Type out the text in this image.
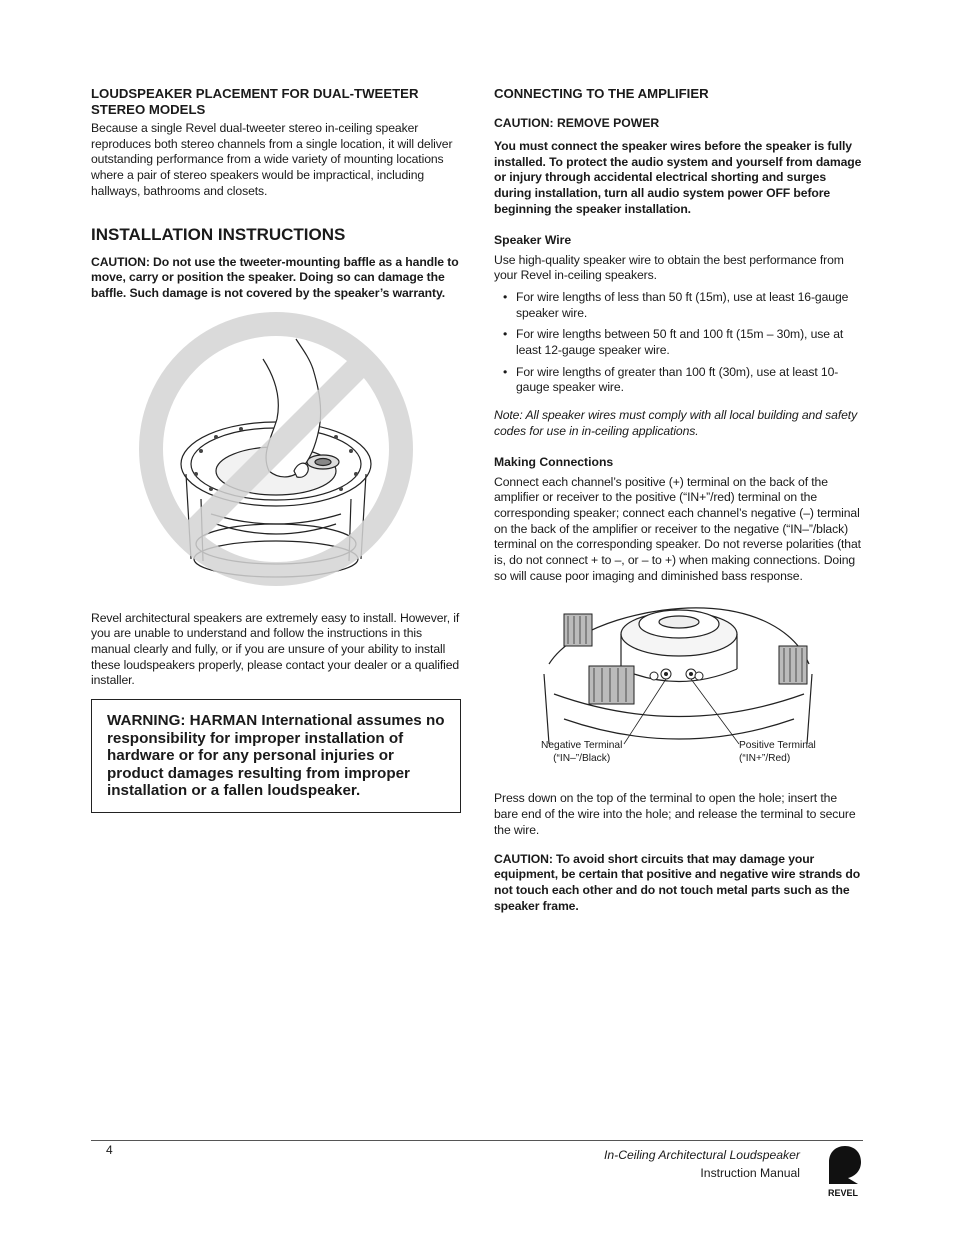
LOUDSPEAKER PLACEMENT FOR DUAL-TWEETER STEREO MODELS

Because a single Revel dual-tweeter stereo in-ceiling speaker reproduces both stereo channels from a single location, it will deliver outstanding performance from a wide variety of mounting locations where a pair of stereo speakers would be impractical, including hallways, bathrooms and closets.

INSTALLATION INSTRUCTIONS

CAUTION: Do not use the tweeter-mounting baffle as a handle to move, carry or position the speaker. Doing so can damage the baffle. Such damage is not covered by the speaker’s warranty.

Revel architectural speakers are extremely easy to install. However, if you are unable to understand and follow the instructions in this manual clearly and fully, or if you are unsure of your ability to install these loudspeakers properly, please contact your dealer or a qualified installer.

WARNING: HARMAN International assumes no responsibility for improper installation of hardware or for any personal injuries or product damages resulting from improper installation or a fallen loudspeaker.

CONNECTING TO THE AMPLIFIER

CAUTION: REMOVE POWER

You must connect the speaker wires before the speaker is fully installed. To protect the audio system and yourself from damage or injury through accidental electrical shorting and surges during installation, turn all audio system power OFF before beginning the speaker installation.

Speaker Wire

Use high-quality speaker wire to obtain the best performance from your Revel in-ceiling speakers.

• For wire lengths of less than 50 ft (15m), use at least 16-gauge speaker wire.
• For wire lengths between 50 ft and 100 ft (15m – 30m), use at least 12-gauge speaker wire.
• For wire lengths of greater than 100 ft (30m), use at least 10-gauge speaker wire.

Note: All speaker wires must comply with all local building and safety codes for use in in-ceiling applications.

Making Connections

Connect each channel’s positive (+) terminal on the back of the amplifier or receiver to the positive (“IN+”/red) terminal on the corresponding speaker; connect each channel’s negative (–) terminal on the back of the amplifier or receiver to the negative (“IN–”/black) terminal on the corresponding speaker. Do not reverse polarities (that is, do not connect + to –, or – to +) when making connections. Doing so will cause poor imaging and diminished bass response.

Negative Terminal
(“IN–”/Black)
Positive Terminal
(“IN+”/Red)

Press down on the top of the terminal to open the hole; insert the bare end of the wire into the hole; and release the terminal to secure the wire.

CAUTION: To avoid short circuits that may damage your equipment, be certain that positive and negative wire strands do not touch each other and do not touch metal parts such as the speaker frame.

4	In-Ceiling Architectural Loudspeaker
Instruction Manual
REVEL
